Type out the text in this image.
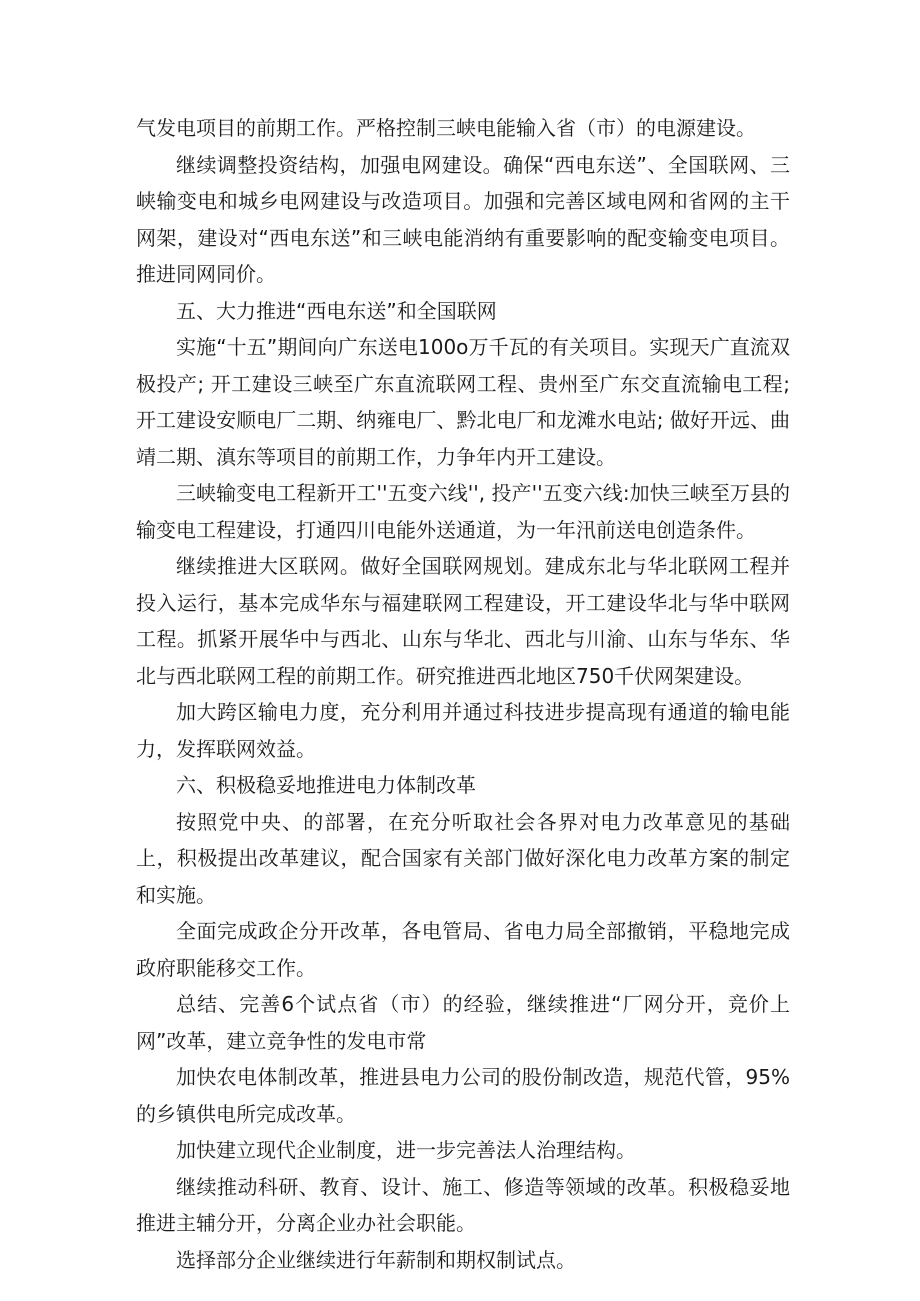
气发电项目的前期工作。严格控制三峡电能输入省（市）的电源建设。

继续调整投资结构，加强电网建设。确保“西电东送”、全国联网、三峡输变电和城乡电网建设与改造项目。加强和完善区域电网和省网的主干网架，建设对“西电东送”和三峡电能消纳有重要影响的配变输变电项目。推进同网同价。

五、大力推进“西电东送”和全国联网

实施“十五”期间向广东送电100o万千瓦的有关项目。实现天广直流双极投产; 开工建设三峡至广东直流联网工程、贵州至广东交直流输电工程; 开工建设安顺电厂二期、纳雍电厂、黔北电厂和龙滩水电站; 做好开远、曲靖二期、滇东等项目的前期工作，力争年内开工建设。

三峡输变电工程新开工''五变六线'', 投产''五变六线:加快三峡至万县的输变电工程建设，打通四川电能外送通道，为一年汛前送电创造条件。

继续推进大区联网。做好全国联网规划。建成东北与华北联网工程并投入运行，基本完成华东与福建联网工程建设，开工建设华北与华中联网工程。抓紧开展华中与西北、山东与华北、西北与川渝、山东与华东、华北与西北联网工程的前期工作。研究推进西北地区750千伏网架建设。

加大跨区输电力度，充分利用并通过科技进步提高现有通道的输电能力，发挥联网效益。

六、积极稳妥地推进电力体制改革

按照党中央、的部署，在充分听取社会各界对电力改革意见的基础上，积极提出改革建议，配合国家有关部门做好深化电力改革方案的制定和实施。

全面完成政企分开改革，各电管局、省电力局全部撤销，平稳地完成政府职能移交工作。

总结、完善6个试点省（市）的经验，继续推进“厂网分开，竞价上网”改革，建立竞争性的发电市常

加快农电体制改革，推进县电力公司的股份制改造，规范代管，95%的乡镇供电所完成改革。

加快建立现代企业制度，进一步完善法人治理结构。

继续推动科研、教育、设计、施工、修造等领域的改革。积极稳妥地推进主辅分开，分离企业办社会职能。

选择部分企业继续进行年薪制和期权制试点。
